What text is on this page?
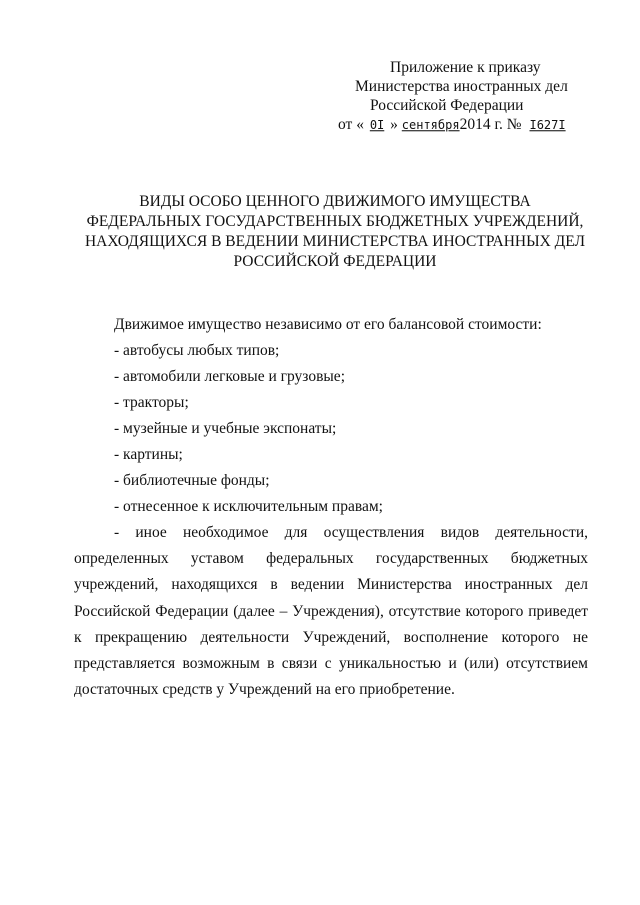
Приложение к приказу
Министерства иностранных дел
Российской Федерации
от « 0I » сентября2014 г. № I627I
ВИДЫ ОСОБО ЦЕННОГО ДВИЖИМОГО ИМУЩЕСТВА
ФЕДЕРАЛЬНЫХ ГОСУДАРСТВЕННЫХ БЮДЖЕТНЫХ УЧРЕЖДЕНИЙ,
НАХОДЯЩИХСЯ В ВЕДЕНИИ МИНИСТЕРСТВА ИНОСТРАННЫХ ДЕЛ
РОССИЙСКОЙ ФЕДЕРАЦИИ
Движимое имущество независимо от его балансовой стоимости:
- автобусы любых типов;
- автомобили легковые и грузовые;
- тракторы;
- музейные и учебные экспонаты;
- картины;
- библиотечные фонды;
- отнесенное к исключительным правам;

- иное необходимое для осуществления видов деятельности, определенных уставом федеральных государственных бюджетных учреждений, находящихся в ведении Министерства иностранных дел Российской Федерации (далее – Учреждения), отсутствие которого приведет к прекращению деятельности Учреждений, восполнение которого не представляется возможным в связи с уникальностью и (или) отсутствием достаточных средств у Учреждений на его приобретение.
